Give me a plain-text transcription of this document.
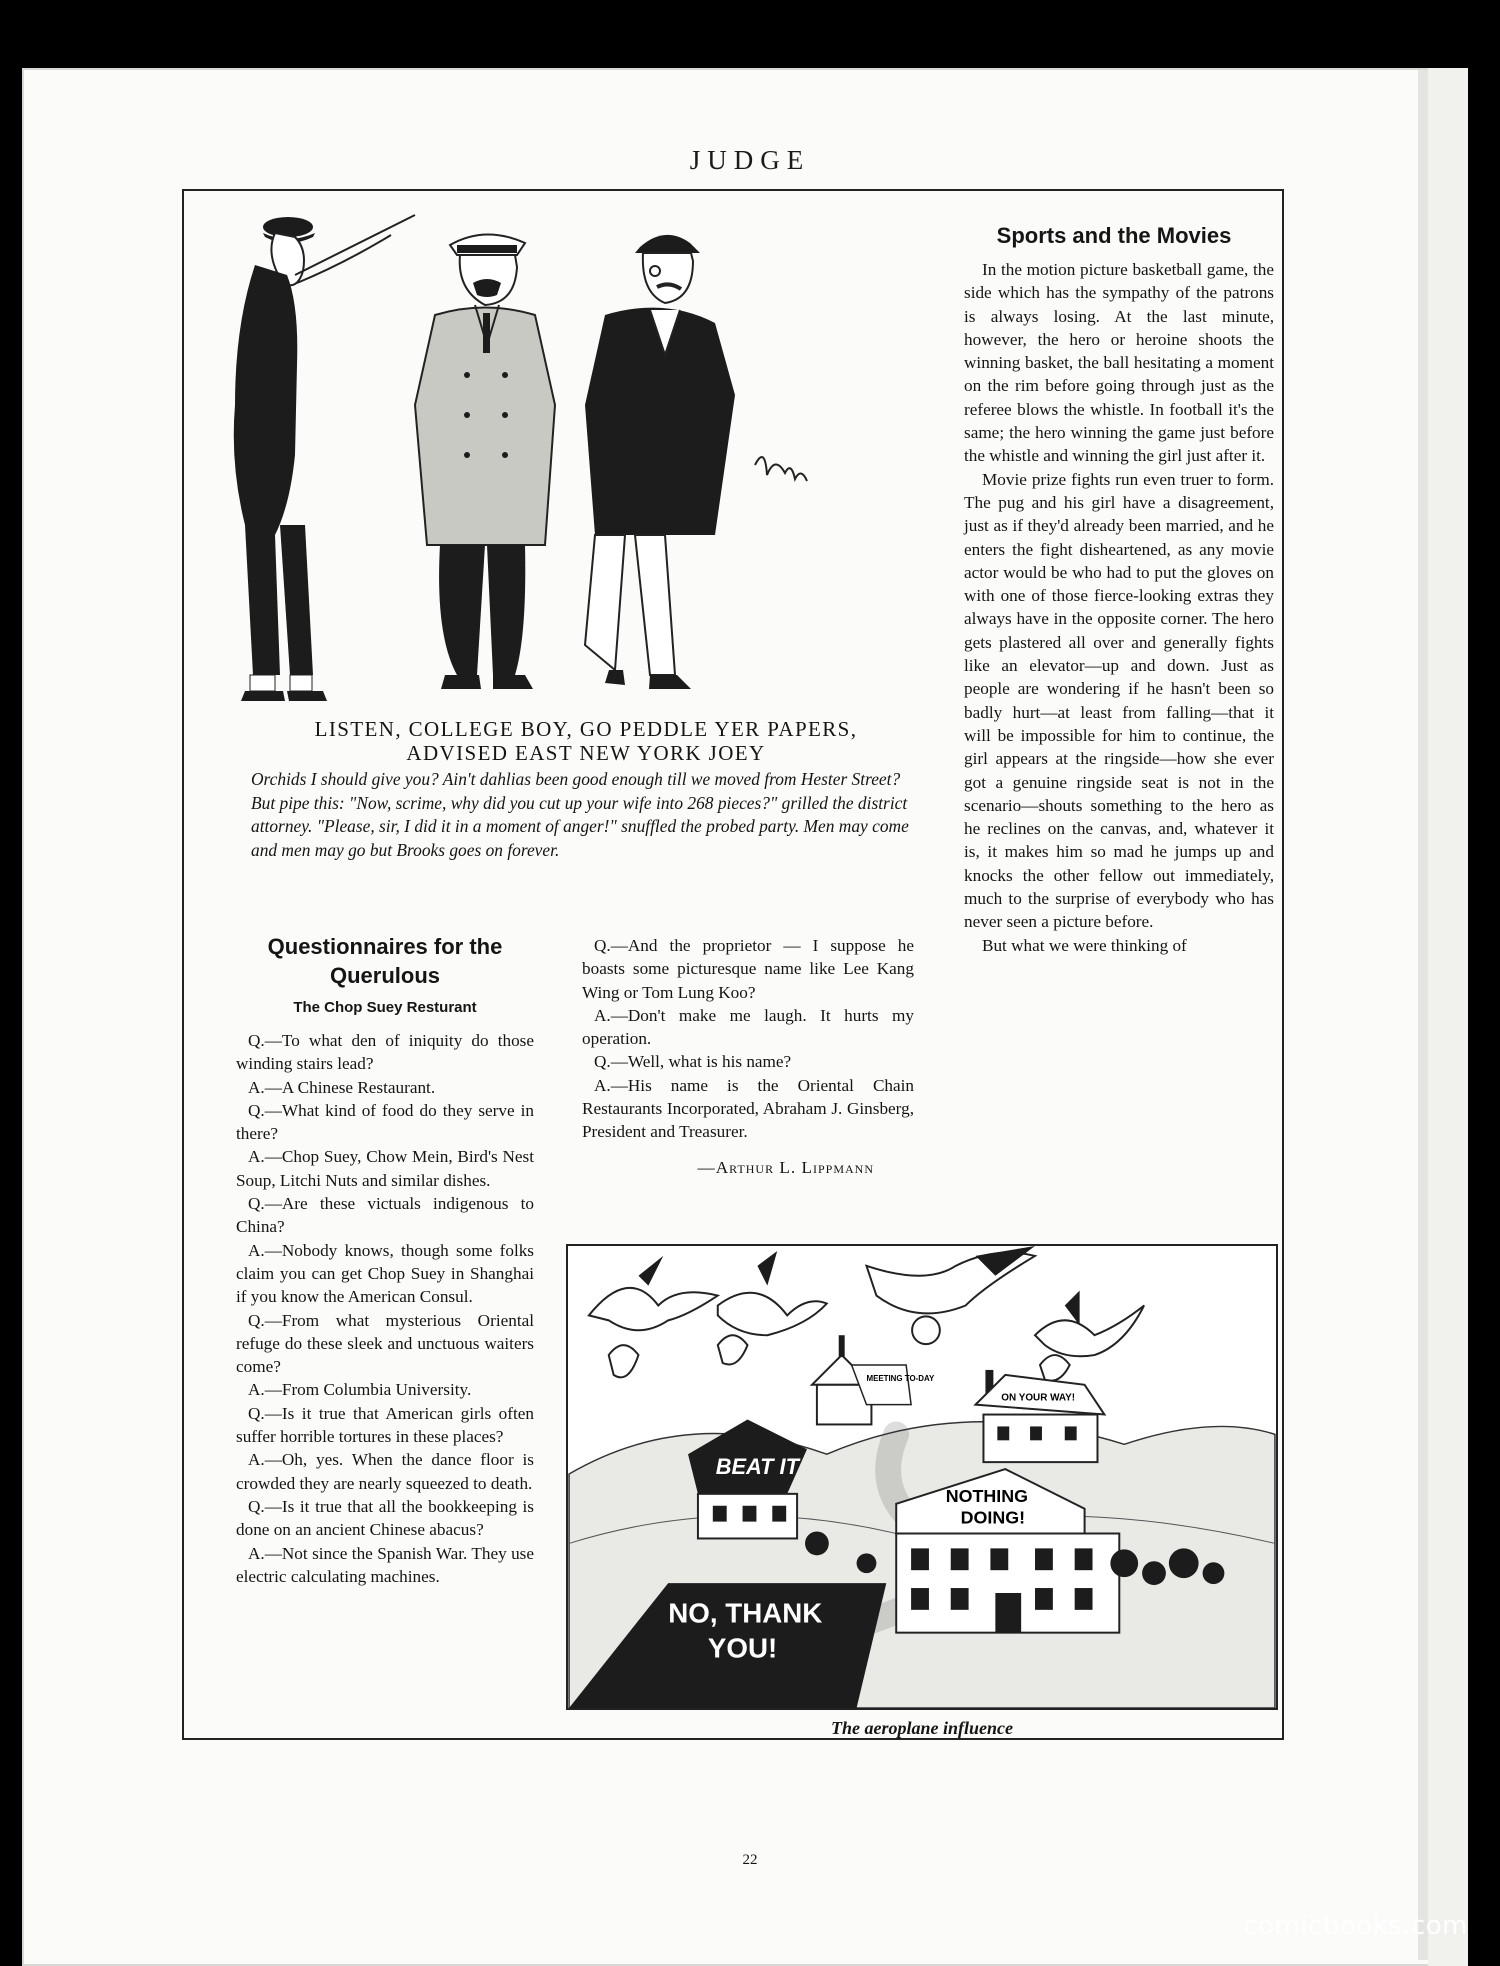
JUDGE
LISTEN, COLLEGE BOY, GO PEDDLE YER PAPERS,
ADVISED EAST NEW YORK JOEY
Orchids I should give you? Ain't dahlias been good enough till we moved from Hester Street? But pipe this: "Now, scrime, why did you cut up your wife into 268 pieces?" grilled the district attorney. "Please, sir, I did it in a moment of anger!" snuffled the probed party. Men may come and men may go but Brooks goes on forever.
Sports and the Movies

In the motion picture basketball game, the side which has the sympathy of the patrons is always losing. At the last minute, however, the hero or heroine shoots the winning basket, the ball hesitating a moment on the rim before going through just as the referee blows the whistle. In football it's the same; the hero winning the game just before the whistle and winning the girl just after it.

Movie prize fights run even truer to form. The pug and his girl have a disagreement, just as if they'd already been married, and he enters the fight disheartened, as any movie actor would be who had to put the gloves on with one of those fierce-looking extras they always have in the opposite corner. The hero gets plastered all over and generally fights like an elevator—up and down. Just as people are wondering if he hasn't been so badly hurt—at least from falling—that it will be impossible for him to continue, the girl appears at the ringside—how she ever got a genuine ringside seat is not in the scenario—shouts something to the hero as he reclines on the canvas, and, whatever it is, it makes him so mad he jumps up and knocks the other fellow out immediately, much to the surprise of everybody who has never seen a picture before.

But what we were thinking of

Questionnaires for the
Querulous
The Chop Suey Resturant

Q.—To what den of iniquity do those winding stairs lead?

A.—A Chinese Restaurant.

Q.—What kind of food do they serve in there?

A.—Chop Suey, Chow Mein, Bird's Nest Soup, Litchi Nuts and similar dishes.

Q.—Are these victuals indigenous to China?

A.—Nobody knows, though some folks claim you can get Chop Suey in Shanghai if you know the American Consul.

Q.—From what mysterious Oriental refuge do these sleek and unctuous waiters come?

A.—From Columbia University.

Q.—Is it true that American girls often suffer horrible tortures in these places?

A.—Oh, yes. When the dance floor is crowded they are nearly squeezed to death.

Q.—Is it true that all the bookkeeping is done on an ancient Chinese abacus?

A.—Not since the Spanish War. They use electric calculating machines.

Q.—And the proprietor — I suppose he boasts some picturesque name like Lee Kang Wing or Tom Lung Koo?

A.—Don't make me laugh. It hurts my operation.

Q.—Well, what is his name?

A.—His name is the Oriental Chain Restaurants Incorporated, Abraham J. Ginsberg, President and Treasurer.

—Arthur L. Lippmann

MEETING TO-DAY
BEAT IT
ON YOUR WAY!
NOTHING
DOING!
NO, THANK
YOU!
The aeroplane influence
22
comicbooks.com
